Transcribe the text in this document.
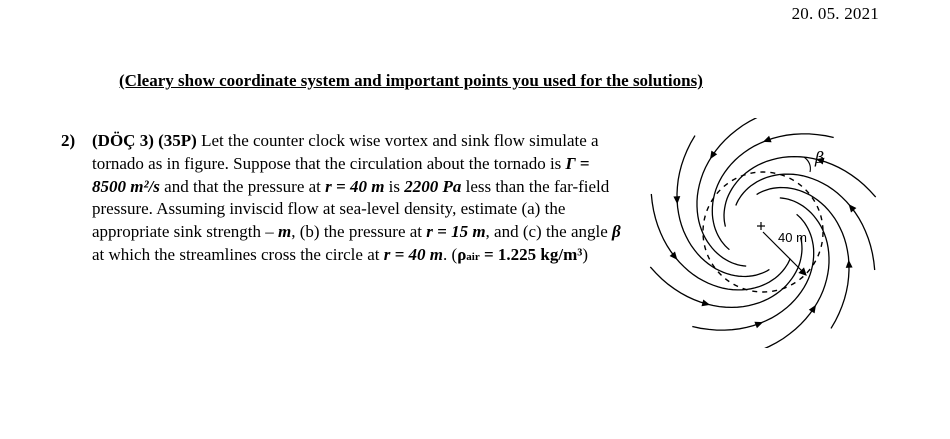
20. 05. 2021
(Cleary show coordinate system and important points you used for the solutions)
2) (DÖÇ 3) (35P) Let the counter clock wise vortex and sink flow simulate a tornado as in figure. Suppose that the circulation about the tornado is Γ = 8500 m²/s and that the pressure at r = 40 m is 2200 Pa less than the far-field pressure. Assuming inviscid flow at sea-level density, estimate (a) the appropriate sink strength – m, (b) the pressure at r = 15 m, and (c) the angle β at which the streamlines cross the circle at r = 40 m. (ρair = 1.225 kg/m³)
40 m
β
